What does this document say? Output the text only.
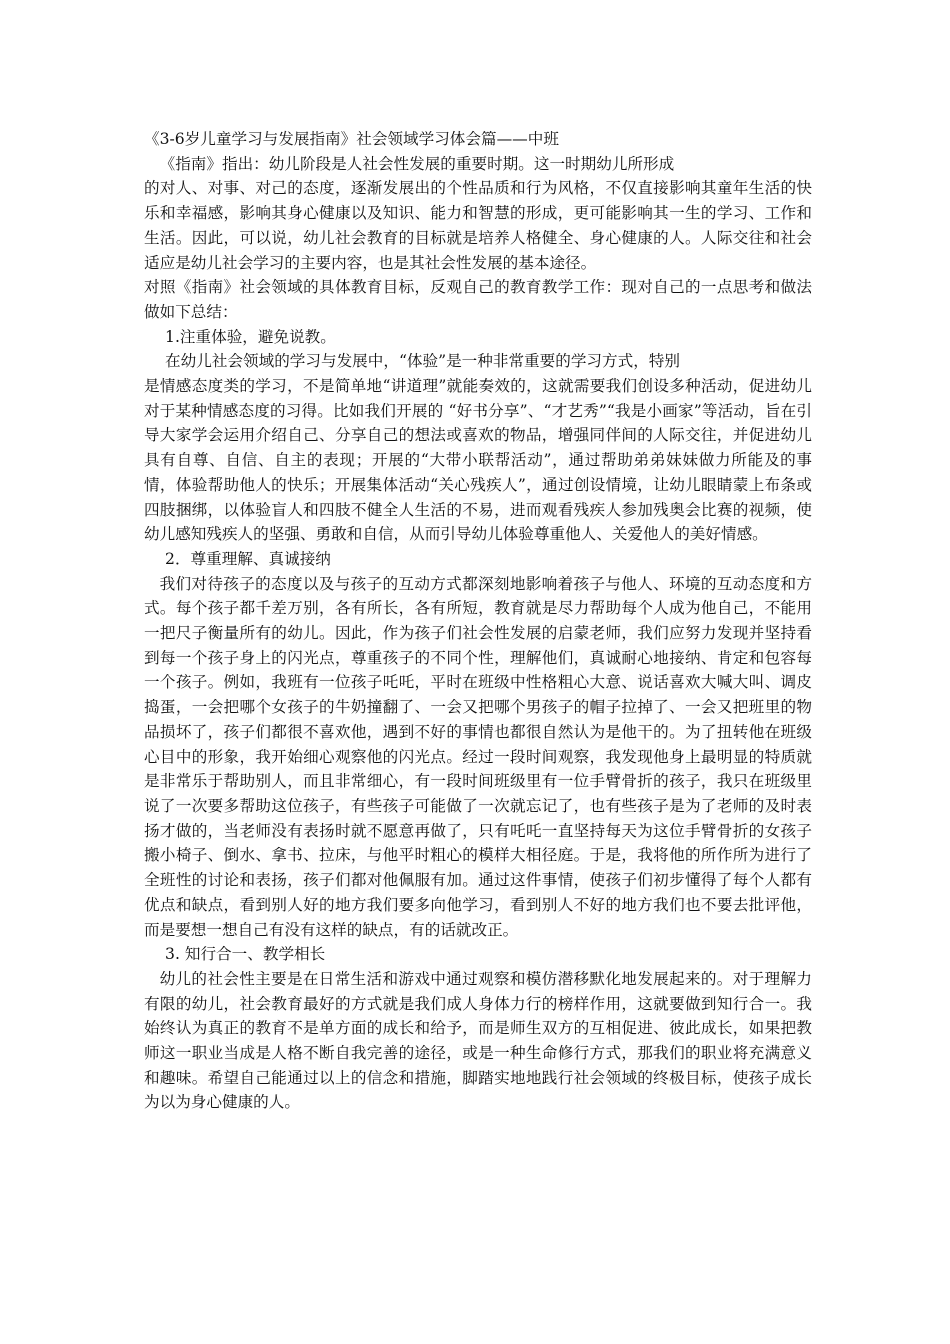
《3-6岁儿童学习与发展指南》社会领域学习体会篇——中班

《指南》指出：幼儿阶段是人社会性发展的重要时期。这一时期幼儿所形成

的对人、对事、对己的态度，逐渐发展出的个性品质和行为风格，不仅直接影响其童年生活的快乐和幸福感，影响其身心健康以及知识、能力和智慧的形成，更可能影响其一生的学习、工作和生活。因此，可以说，幼儿社会教育的目标就是培养人格健全、身心健康的人。人际交往和社会适应是幼儿社会学习的主要内容，也是其社会性发展的基本途径。

对照《指南》社会领域的具体教育目标，反观自己的教育教学工作：现对自己的一点思考和做法做如下总结：

1.注重体验，避免说教。

在幼儿社会领域的学习与发展中，“体验”是一种非常重要的学习方式，特别

是情感态度类的学习，不是简单地“讲道理”就能奏效的，这就需要我们创设多种活动，促进幼儿对于某种情感态度的习得。比如我们开展的 “好书分享”、“才艺秀”“我是小画家”等活动，旨在引导大家学会运用介绍自己、分享自己的想法或喜欢的物品，增强同伴间的人际交往，并促进幼儿具有自尊、自信、自主的表现；开展的“大带小联帮活动”，通过帮助弟弟妹妹做力所能及的事情，体验帮助他人的快乐；开展集体活动“关心残疾人”，通过创设情境，让幼儿眼睛蒙上布条或四肢捆绑，以体验盲人和四肢不健全人生活的不易，进而观看残疾人参加残奥会比赛的视频，使幼儿感知残疾人的坚强、勇敢和自信，从而引导幼儿体验尊重他人、关爱他人的美好情感。

2．尊重理解、真诚接纳

我们对待孩子的态度以及与孩子的互动方式都深刻地影响着孩子与他人、环境的互动态度和方式。每个孩子都千差万别，各有所长，各有所短，教育就是尽力帮助每个人成为他自己，不能用一把尺子衡量所有的幼儿。因此，作为孩子们社会性发展的启蒙老师，我们应努力发现并坚持看到每一个孩子身上的闪光点，尊重孩子的不同个性，理解他们，真诚耐心地接纳、肯定和包容每一个孩子。例如，我班有一位孩子吒吒，平时在班级中性格粗心大意、说话喜欢大喊大叫、调皮捣蛋，一会把哪个女孩子的牛奶撞翻了、一会又把哪个男孩子的帽子拉掉了、一会又把班里的物品损坏了，孩子们都很不喜欢他，遇到不好的事情也都很自然认为是他干的。为了扭转他在班级心目中的形象，我开始细心观察他的闪光点。经过一段时间观察，我发现他身上最明显的特质就是非常乐于帮助别人，而且非常细心，有一段时间班级里有一位手臂骨折的孩子，我只在班级里说了一次要多帮助这位孩子，有些孩子可能做了一次就忘记了，也有些孩子是为了老师的及时表扬才做的，当老师没有表扬时就不愿意再做了，只有吒吒一直坚持每天为这位手臂骨折的女孩子搬小椅子、倒水、拿书、拉床，与他平时粗心的模样大相径庭。于是，我将他的所作所为进行了全班性的讨论和表扬，孩子们都对他佩服有加。通过这件事情，使孩子们初步懂得了每个人都有优点和缺点，看到别人好的地方我们要多向他学习，看到别人不好的地方我们也不要去批评他，而是要想一想自己有没有这样的缺点，有的话就改正。

3. 知行合一、教学相长

幼儿的社会性主要是在日常生活和游戏中通过观察和模仿潜移默化地发展起来的。对于理解力有限的幼儿，社会教育最好的方式就是我们成人身体力行的榜样作用，这就要做到知行合一。我始终认为真正的教育不是单方面的成长和给予，而是师生双方的互相促进、彼此成长，如果把教师这一职业当成是人格不断自我完善的途径，或是一种生命修行方式，那我们的职业将充满意义和趣味。希望自己能通过以上的信念和措施，脚踏实地地践行社会领域的终极目标，使孩子成长为以为身心健康的人。
